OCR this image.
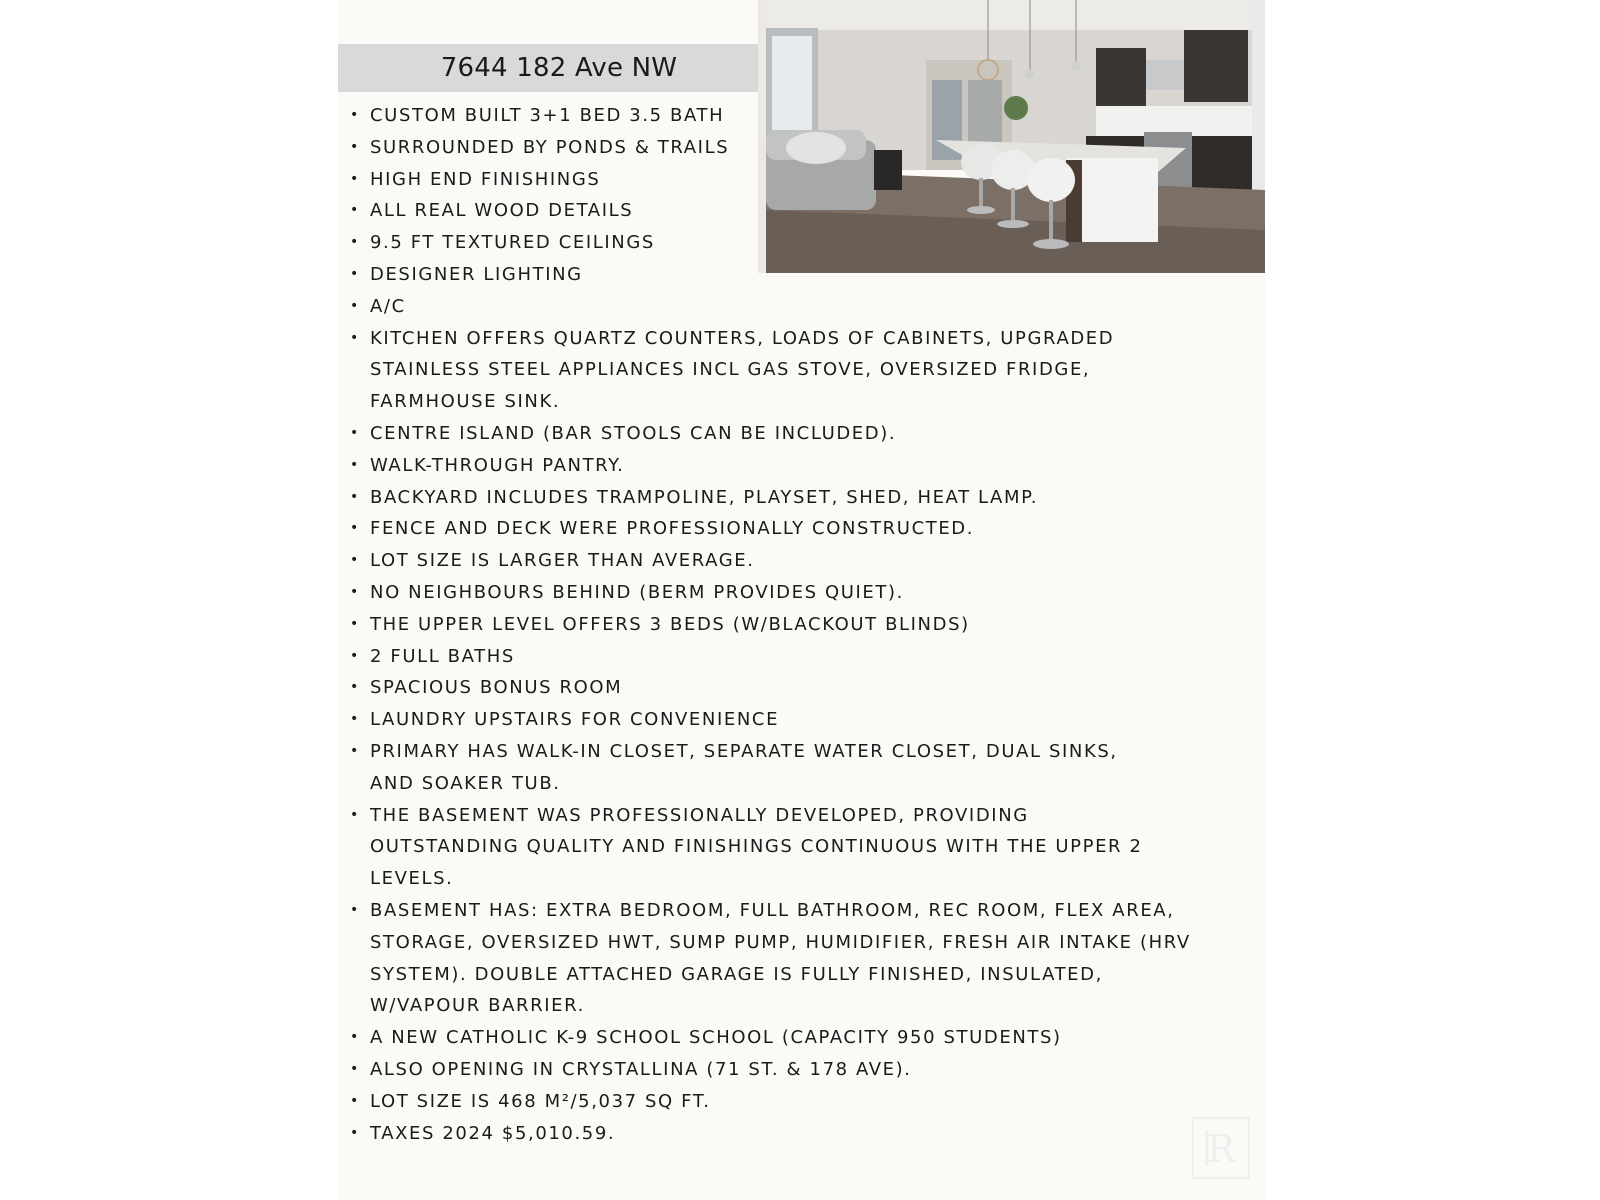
7644 182 Ave NW
• CUSTOM BUILT 3+1 BED 3.5 BATH
• SURROUNDED BY PONDS & TRAILS
• HIGH END FINISHINGS
• ALL REAL WOOD DETAILS
• 9.5 FT TEXTURED CEILINGS
• DESIGNER LIGHTING
• A/C
• KITCHEN OFFERS QUARTZ COUNTERS, LOADS OF CABINETS, UPGRADED
STAINLESS STEEL APPLIANCES INCL GAS STOVE, OVERSIZED FRIDGE,
FARMHOUSE SINK.
• CENTRE ISLAND (BAR STOOLS CAN BE INCLUDED).
• WALK-THROUGH PANTRY.
• BACKYARD INCLUDES TRAMPOLINE, PLAYSET, SHED, HEAT LAMP.
• FENCE AND DECK WERE PROFESSIONALLY CONSTRUCTED.
• LOT SIZE IS LARGER THAN AVERAGE.
• NO NEIGHBOURS BEHIND (BERM PROVIDES QUIET).
• THE UPPER LEVEL OFFERS 3 BEDS (W/BLACKOUT BLINDS)
• 2 FULL BATHS
• SPACIOUS BONUS ROOM
• LAUNDRY UPSTAIRS FOR CONVENIENCE
• PRIMARY HAS WALK-IN CLOSET, SEPARATE WATER CLOSET, DUAL SINKS,
AND SOAKER TUB.
• THE BASEMENT WAS PROFESSIONALLY DEVELOPED, PROVIDING
OUTSTANDING QUALITY AND FINISHINGS CONTINUOUS WITH THE UPPER 2
LEVELS.
• BASEMENT HAS: EXTRA BEDROOM, FULL BATHROOM, REC ROOM, FLEX AREA,
STORAGE, OVERSIZED HWT, SUMP PUMP, HUMIDIFIER, FRESH AIR INTAKE (HRV
SYSTEM). DOUBLE ATTACHED GARAGE IS FULLY FINISHED, INSULATED,
W/VAPOUR BARRIER.
• A NEW CATHOLIC K-9 SCHOOL SCHOOL (CAPACITY 950 STUDENTS)
• ALSO OPENING IN CRYSTALLINA (71 ST. & 178 AVE).
• LOT SIZE IS 468 M²/5,037 SQ FT.
• TAXES 2024 $5,010.59.	R
